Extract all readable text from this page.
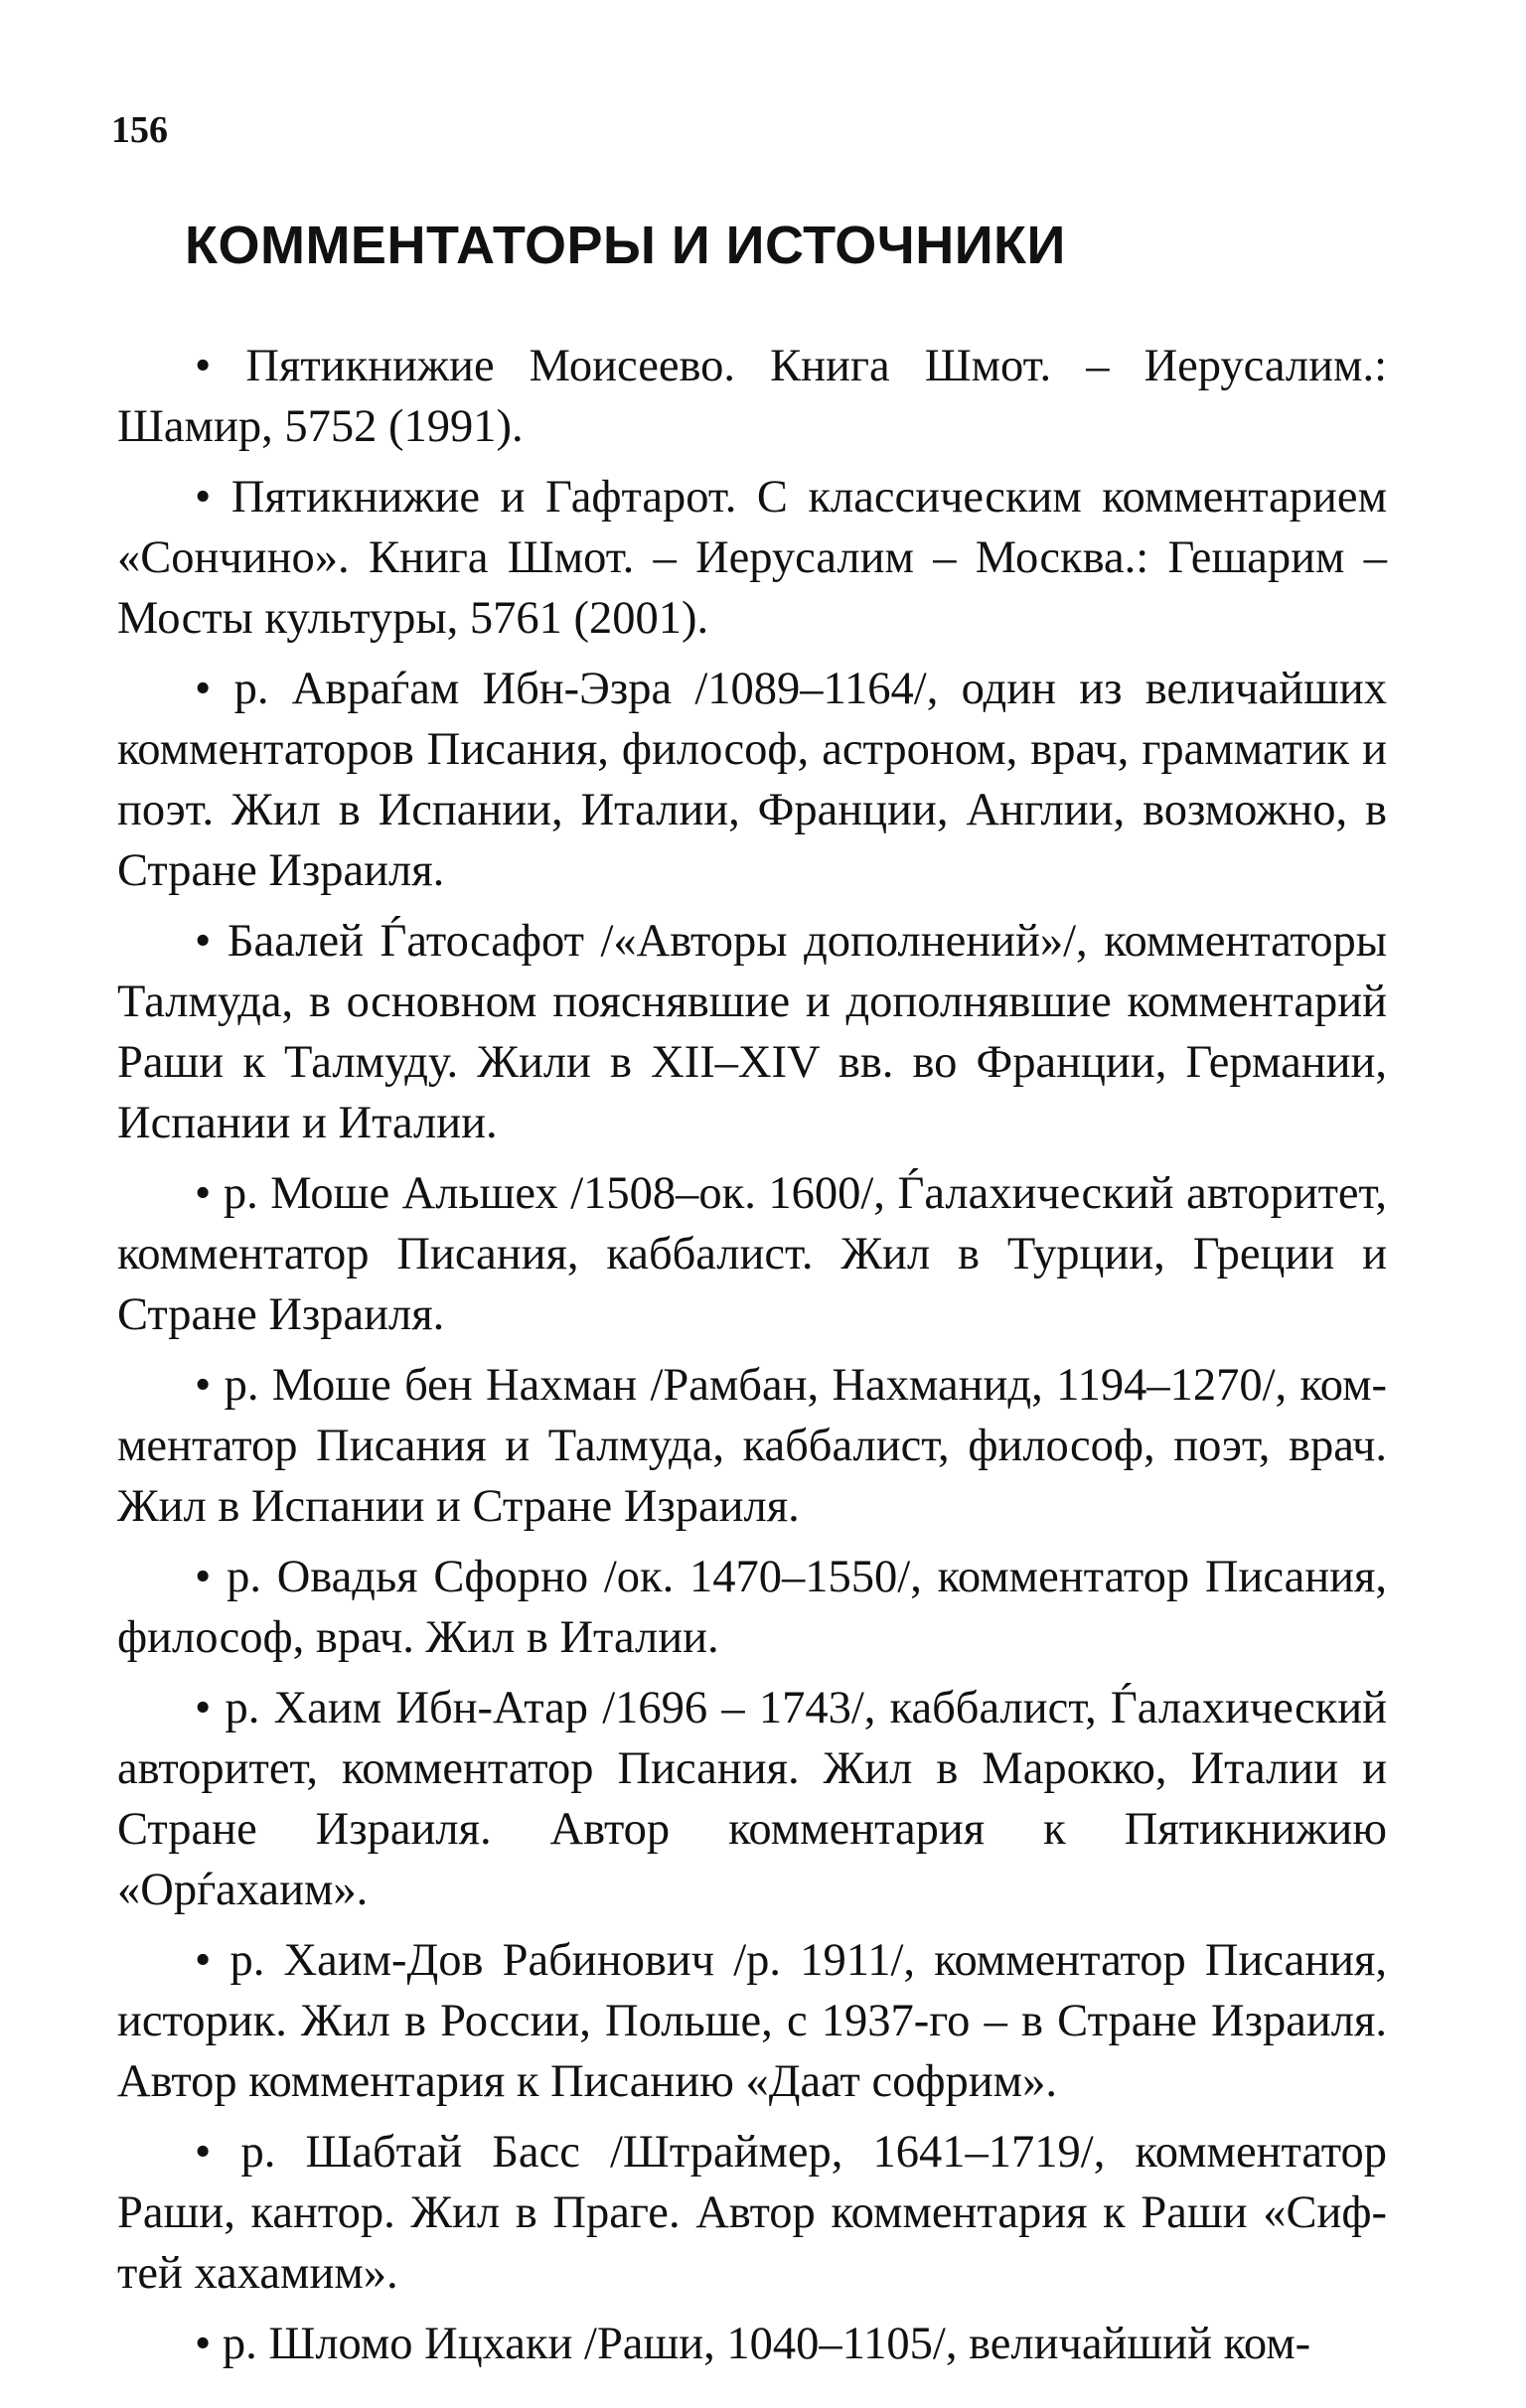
156
КОММЕНТАТОРЫ И ИСТОЧНИКИ

• Пятикнижие Моисеево. Книга Шмот. – Иерусалим.: Шамир, 5752 (1991).

• Пятикнижие и Гафтарот. С классическим комментарием «Сончино». Книга Шмот. – Иерусалим – Москва.: Гешарим – Мосты культуры, 5761 (2001).

• р. Авраѓам Ибн-Эзра /1089–1164/, один из величайших комментаторов Писания, философ, астроном, врач, грамматик и поэт. Жил в Испании, Италии, Франции, Англии, возможно, в Стране Израиля.

• Баалей Ѓатосафот /«Авторы дополнений»/, комментаторы Талмуда, в основном пояснявшие и дополнявшие комментарий Раши к Талмуду. Жили в XII–XIV вв. во Франции, Германии, Испании и Италии.

• р. Моше Альшех /1508–ок. 1600/, Ѓалахический авторитет, комментатор Писания, каббалист. Жил в Турции, Греции и Стране Израиля.

• р. Моше бен Нахман /Рамбан, Нахманид, 1194–1270/, комментатор Писания и Талмуда, каббалист, философ, поэт, врач. Жил в Испании и Стране Израиля.

• р. Овадья Сфорно /ок. 1470–1550/, комментатор Писания, философ, врач. Жил в Италии.

• р. Хаим Ибн-Атар /1696 – 1743/, каббалист, Ѓалахический авторитет, комментатор Писания. Жил в Марокко, Италии и Стране Израиля. Автор комментария к Пятикнижию «Орѓахаим».

• р. Хаим-Дов Рабинович /р. 1911/, комментатор Писания, историк. Жил в России, Польше, с 1937-го – в Стране Израиля. Автор комментария к Писанию «Даат софрим».

• р. Шабтай Басс /Штраймер, 1641–1719/, комментатор Раши, кантор. Жил в Праге. Автор комментария к Раши «Сифтей хахамим».

• р. Шломо Ицхаки /Раши, 1040–1105/, величайший ком-
